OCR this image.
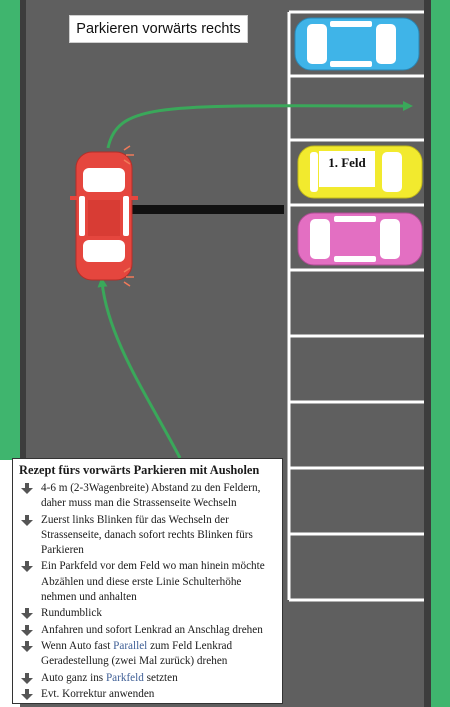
Parkieren vorwärts rechts
1. Feld
Rezept fürs vorwärts Parkieren mit Ausholen
4-6 m (2-3Wagenbreite) Abstand zu den Feldern, daher muss man die Strassenseite Wechseln
Zuerst links Blinken für das Wechseln der Strassenseite, danach sofort rechts Blinken fürs Parkieren
Ein Parkfeld vor dem Feld wo man hinein möchte Abzählen und diese erste Linie Schulterhöhe nehmen und anhalten
Rundumblick
Anfahren und sofort Lenkrad an Anschlag drehen
Wenn Auto fast Parallel zum Feld Lenkrad Geradestellung (zwei Mal zurück) drehen
Auto ganz ins Parkfeld setzten
Evt. Korrektur anwenden
